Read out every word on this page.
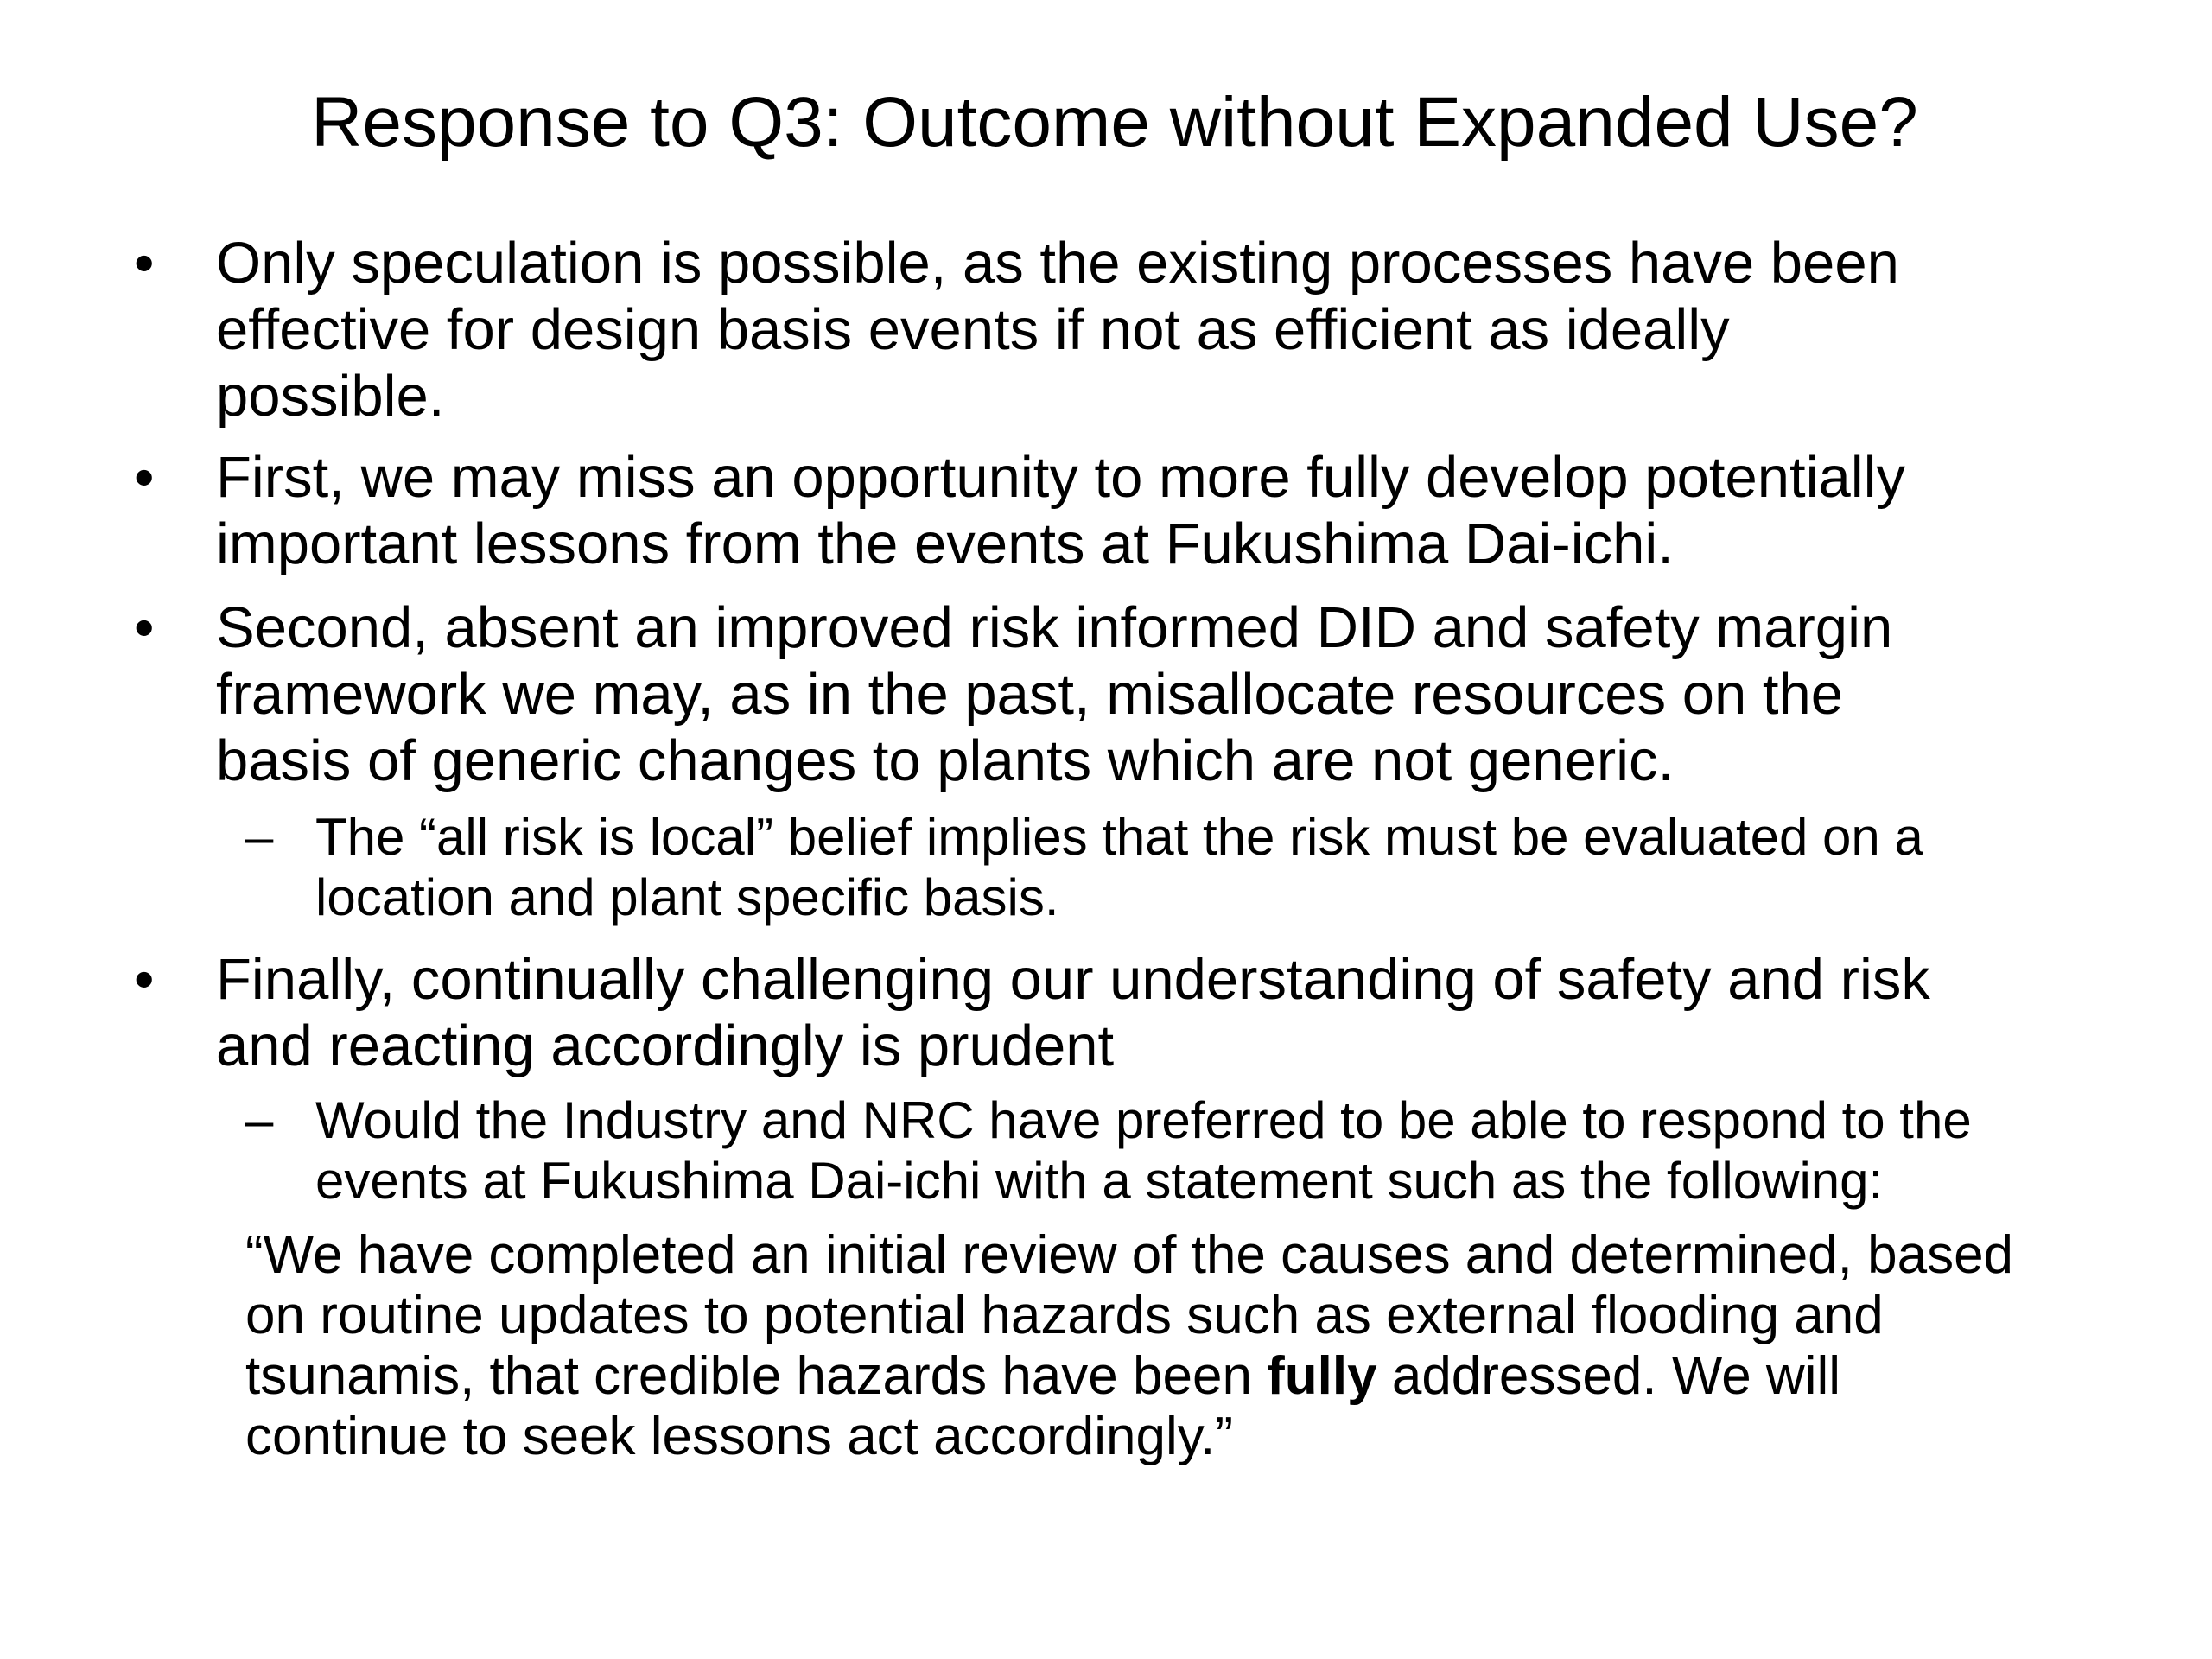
Response to Q3: Outcome without Expanded Use?
• Only speculation is possible, as the existing processes have been
effective for design basis events if not as efficient as ideally
possible.
• First, we may miss an opportunity to more fully develop potentially
important lessons from the events at Fukushima Dai-ichi.
• Second, absent an improved risk informed DID and safety margin
framework we may, as in the past, misallocate resources on the
basis of generic changes to plants which are not generic.
– The “all risk is local” belief implies that the risk must be evaluated on a
location and plant specific basis.
• Finally, continually challenging our understanding of safety and risk
and reacting accordingly is prudent
– Would the Industry and NRC have preferred to be able to respond to the
events at Fukushima Dai-ichi with a statement such as the following:
“We have completed an initial review of the causes and determined, based
on routine updates to potential hazards such as external flooding and
tsunamis, that credible hazards have been fully addressed. We will
continue to seek lessons act accordingly.”
